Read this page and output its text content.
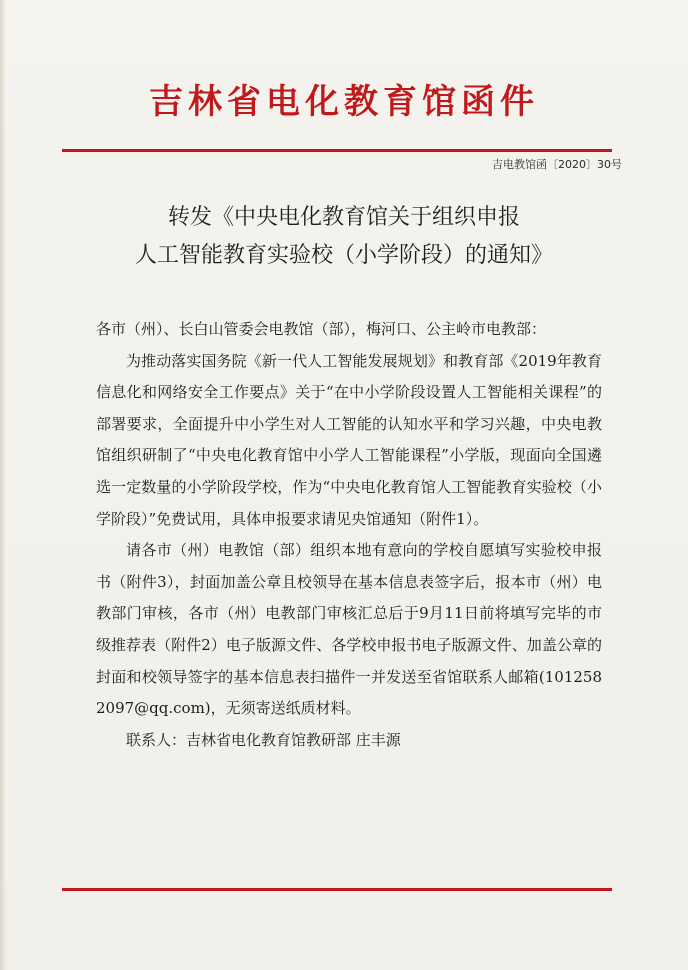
吉林省电化教育馆函件
吉电教馆函〔2020〕30号
转发《中央电化教育馆关于组织申报
人工智能教育实验校（小学阶段）的通知》

各市（州）、长白山管委会电教馆（部），梅河口、公主岭市电教部：

为推动落实国务院《新一代人工智能发展规划》和教育部《2019年教育信息化和网络安全工作要点》关于“在中小学阶段设置人工智能相关课程”的部署要求，全面提升中小学生对人工智能的认知水平和学习兴趣，中央电教馆组织研制了“中央电化教育馆中小学人工智能课程”小学版，现面向全国遴选一定数量的小学阶段学校，作为“中央电化教育馆人工智能教育实验校（小学阶段）”免费试用，具体申报要求请见央馆通知（附件1）。

请各市（州）电教馆（部）组织本地有意向的学校自愿填写实验校申报书（附件3），封面加盖公章且校领导在基本信息表签字后，报本市（州）电教部门审核，各市（州）电教部门审核汇总后于9月11日前将填写完毕的市级推荐表（附件2）电子版源文件、各学校申报书电子版源文件、加盖公章的封面和校领导签字的基本信息表扫描件一并发送至省馆联系人邮箱(1012582097@qq.com)，无须寄送纸质材料。

联系人：吉林省电化教育馆教研部 庄丰源
